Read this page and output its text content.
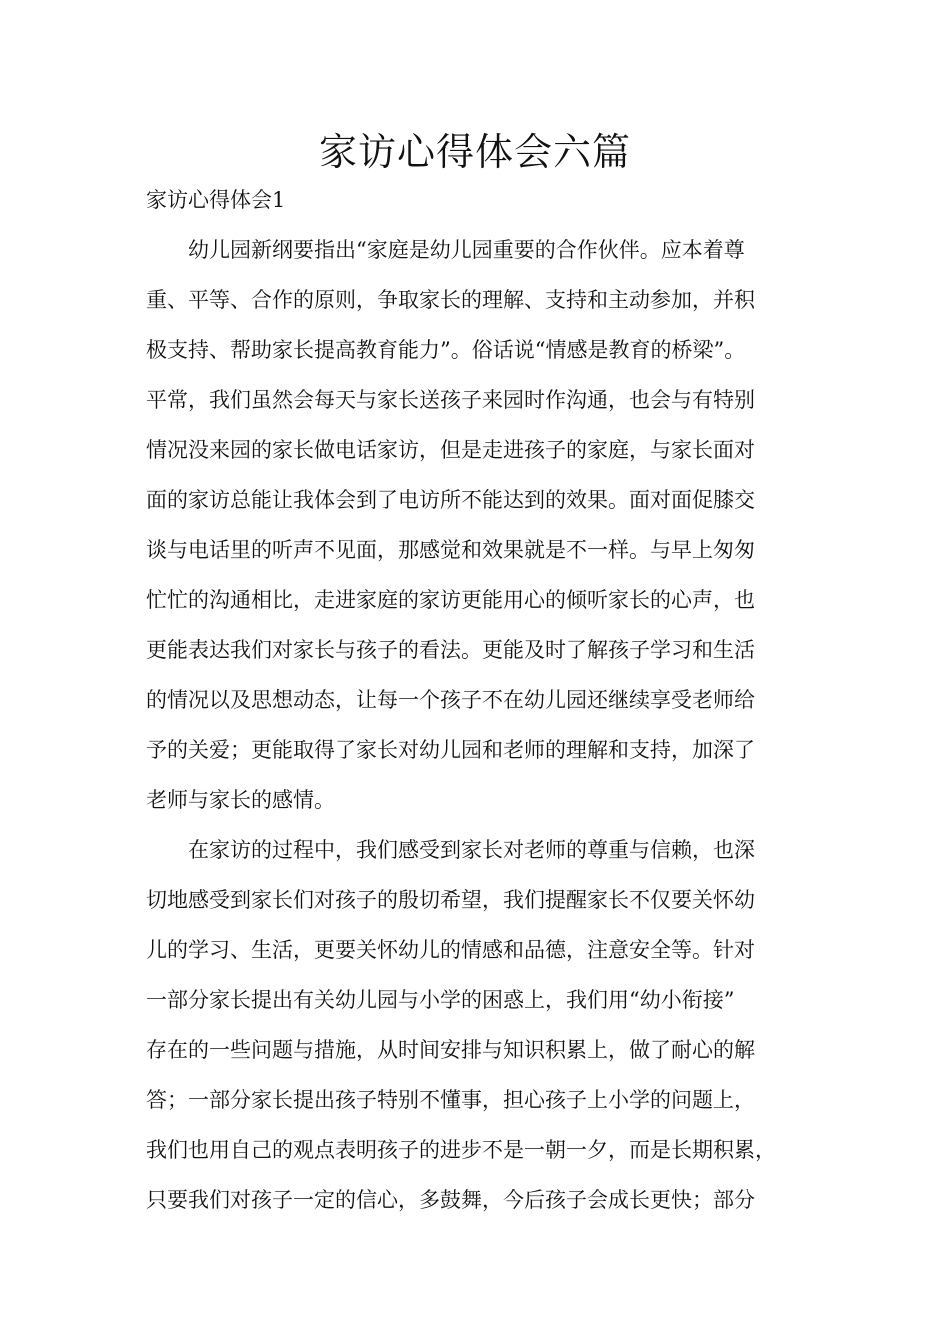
家访心得体会六篇

家访心得体会1

　　幼儿园新纲要指出“家庭是幼儿园重要的合作伙伴。应本着尊

重、平等、合作的原则，争取家长的理解、支持和主动参加，并积

极支持、帮助家长提高教育能力”。俗话说“情感是教育的桥梁”。

平常，我们虽然会每天与家长送孩子来园时作沟通，也会与有特别

情况没来园的家长做电话家访，但是走进孩子的家庭，与家长面对

面的家访总能让我体会到了电访所不能达到的效果。面对面促膝交

谈与电话里的听声不见面，那感觉和效果就是不一样。与早上匆匆

忙忙的沟通相比，走进家庭的家访更能用心的倾听家长的心声，也

更能表达我们对家长与孩子的看法。更能及时了解孩子学习和生活

的情况以及思想动态，让每一个孩子不在幼儿园还继续享受老师给

予的关爱；更能取得了家长对幼儿园和老师的理解和支持，加深了

老师与家长的感情。

　　在家访的过程中，我们感受到家长对老师的尊重与信赖，也深

切地感受到家长们对孩子的殷切希望，我们提醒家长不仅要关怀幼

儿的学习、生活，更要关怀幼儿的情感和品德，注意安全等。针对

一部分家长提出有关幼儿园与小学的困惑上，我们用“幼小衔接”

存在的一些问题与措施，从时间安排与知识积累上，做了耐心的解

答；一部分家长提出孩子特别不懂事，担心孩子上小学的问题上，

我们也用自己的观点表明孩子的进步不是一朝一夕，而是长期积累，

只要我们对孩子一定的信心，多鼓舞，今后孩子会成长更快；部分
